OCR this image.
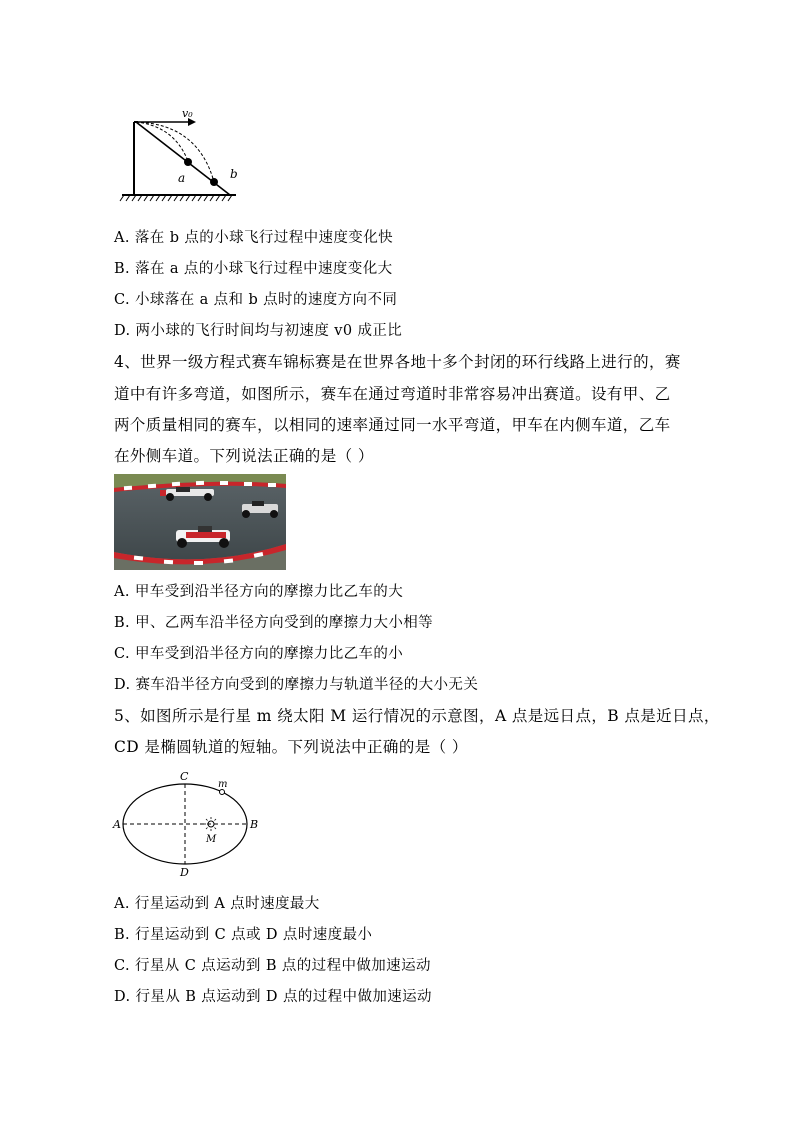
v₀
a	b
A. 落在 b 点的小球飞行过程中速度变化快
B. 落在 a 点的小球飞行过程中速度变化大
C. 小球落在 a 点和 b 点时的速度方向不同
D. 两小球的飞行时间均与初速度 v0 成正比
4、世界一级方程式赛车锦标赛是在世界各地十多个封闭的环行线路上进行的，赛
道中有许多弯道，如图所示，赛车在通过弯道时非常容易冲出赛道。设有甲、乙
两个质量相同的赛车，以相同的速率通过同一水平弯道，甲车在内侧车道，乙车
在外侧车道。下列说法正确的是（ ）
A. 甲车受到沿半径方向的摩擦力比乙车的大
B. 甲、乙两车沿半径方向受到的摩擦力大小相等
C. 甲车受到沿半径方向的摩擦力比乙车的小
D. 赛车沿半径方向受到的摩擦力与轨道半径的大小无关
5、如图所示是行星 m 绕太阳 M 运行情况的示意图，A 点是远日点，B 点是近日点，
CD 是椭圆轨道的短轴。下列说法中正确的是（ ）
A	B
C
D
m
M
A. 行星运动到 A 点时速度最大
B. 行星运动到 C 点或 D 点时速度最小
C. 行星从 C 点运动到 B 点的过程中做加速运动
D. 行星从 B 点运动到 D 点的过程中做加速运动
